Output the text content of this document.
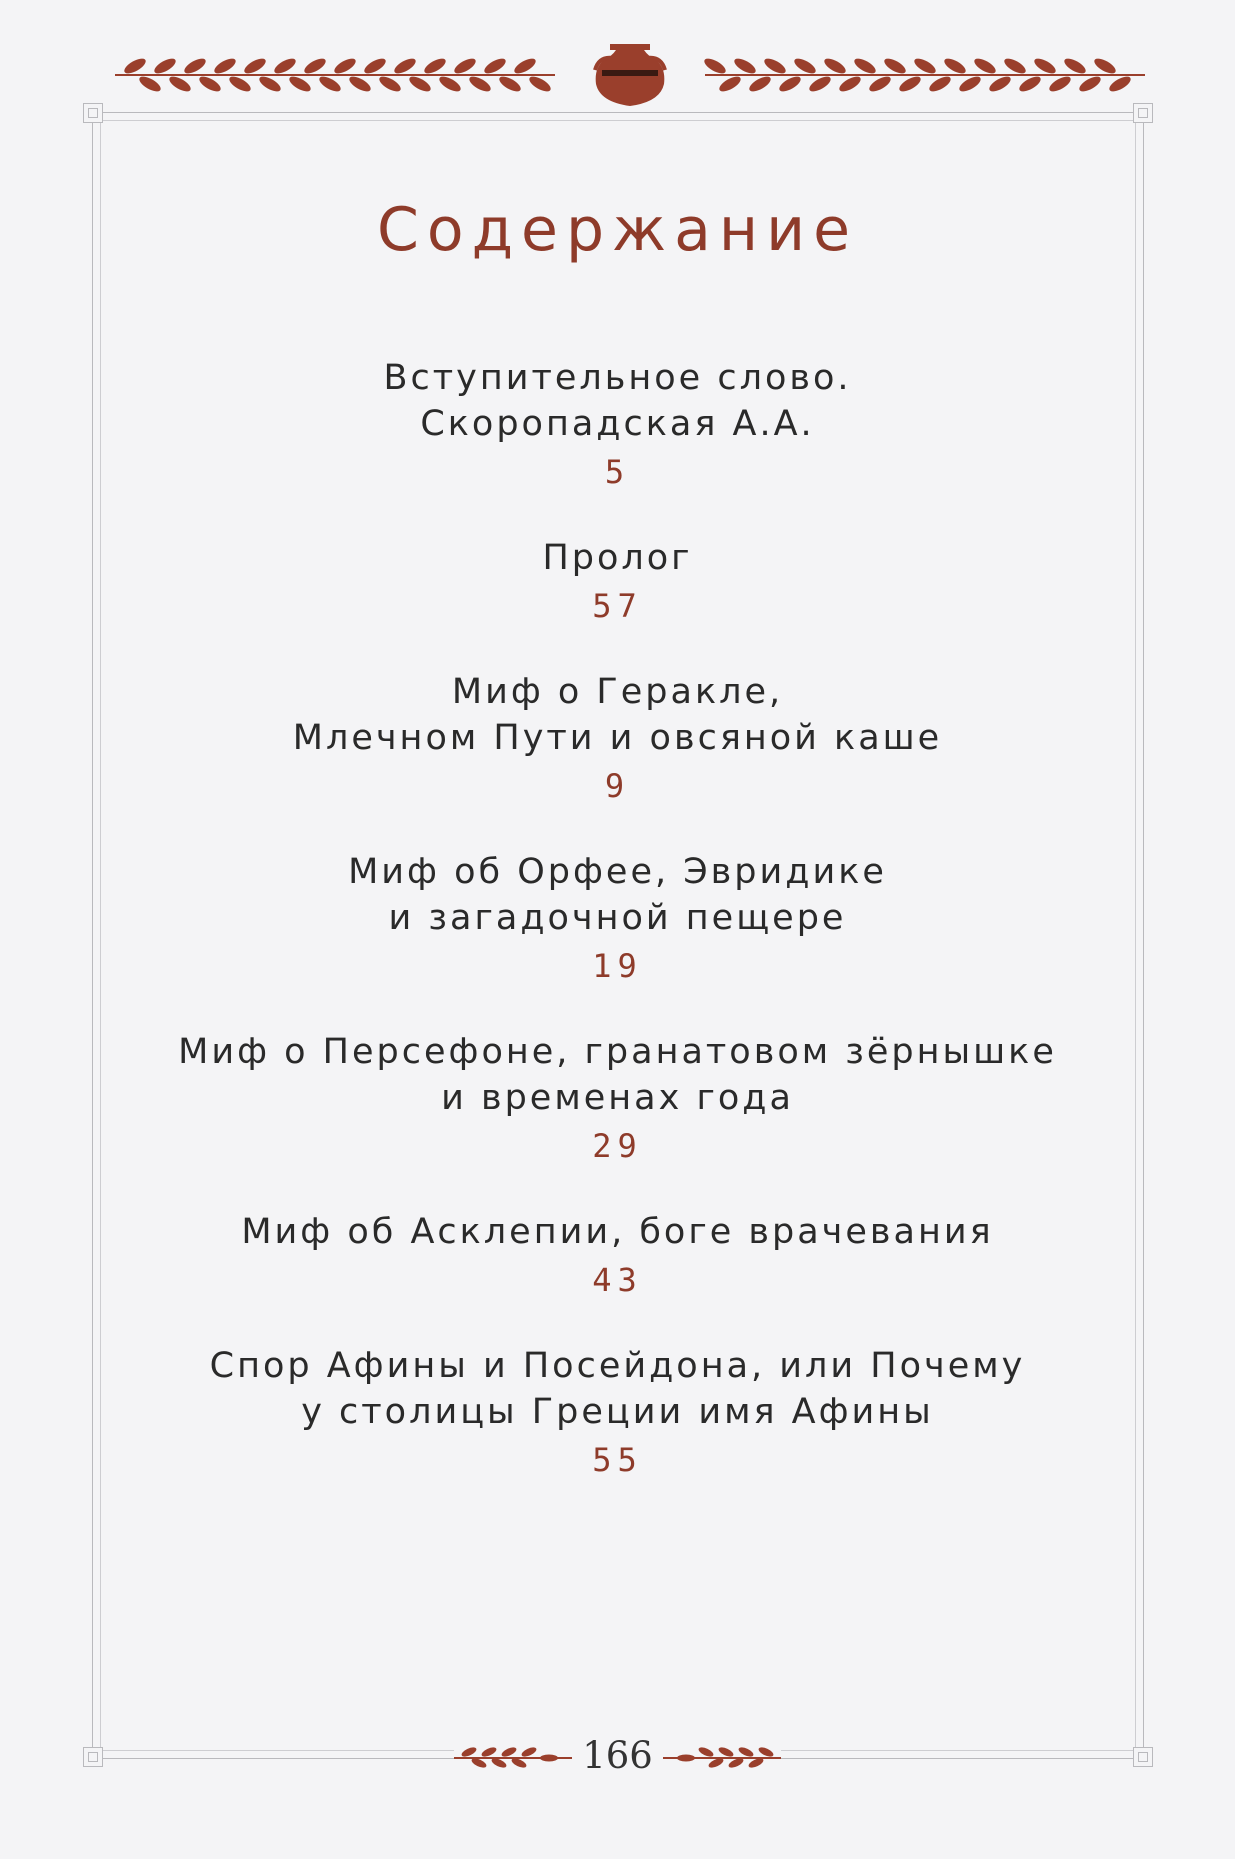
Содержание
Вступительное слово.
Скоропадская А.А.
5
Пролог
57
Миф о Геракле,
Млечном Пути и овсяной каше
9
Миф об Орфее, Эвридике
и загадочной пещере
19
Миф о Персефоне, гранатовом зёрнышке
и временах года
29
Миф об Асклепии, боге врачевания
43
Спор Афины и Посейдона, или Почему
у столицы Греции имя Афины
55
166
